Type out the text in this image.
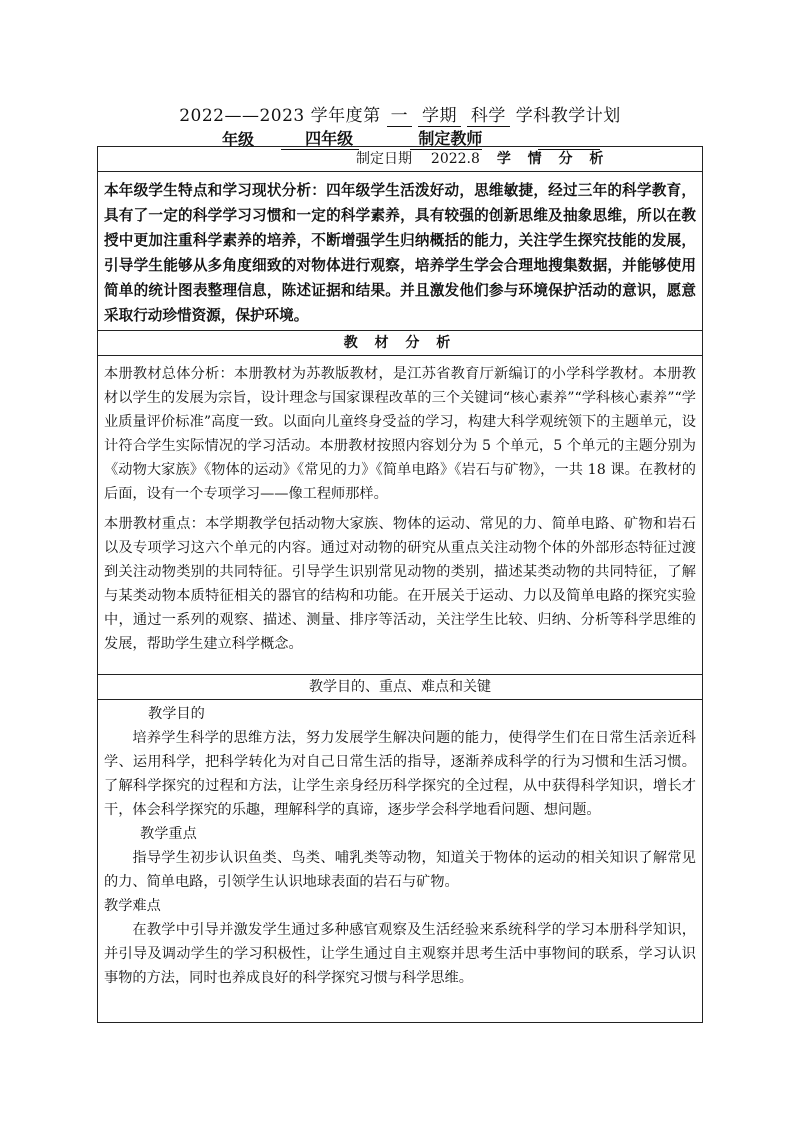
2022——2023 学年度第 一 学期 科学 学科教学计划
年级	四年级	制定教师
制定日期 2022.8 学 情 分 析

本年级学生特点和学习现状分析：四年级学生活泼好动，思维敏捷，经过三年的科学教育，具有了一定的科学学习习惯和一定的科学素养，具有较强的创新思维及抽象思维，所以在教授中更加注重科学素养的培养，不断增强学生归纳概括的能力，关注学生探究技能的发展，引导学生能够从多角度细致的对物体进行观察，培养学生学会合理地搜集数据，并能够使用简单的统计图表整理信息，陈述证据和结果。并且激发他们参与环境保护活动的意识，愿意采取行动珍惜资源，保护环境。

教 材 分 析

本册教材总体分析：本册教材为苏教版教材，是江苏省教育厅新编订的小学科学教材。本册教材以学生的发展为宗旨，设计理念与国家课程改革的三个关键词“核心素养”“学科核心素养”“学业质量评价标准”高度一致。以面向儿童终身受益的学习，构建大科学观统领下的主题单元，设计符合学生实际情况的学习活动。本册教材按照内容划分为 5 个单元，5 个单元的主题分别为《动物大家族》《物体的运动》《常见的力》《简单电路》《岩石与矿物》，一共 18 课。在教材的后面，设有一个专项学习——像工程师那样。

本册教材重点：本学期教学包括动物大家族、物体的运动、常见的力、简单电路、矿物和岩石以及专项学习这六个单元的内容。通过对动物的研究从重点关注动物个体的外部形态特征过渡到关注动物类别的共同特征。引导学生识别常见动物的类别，描述某类动物的共同特征，了解与某类动物本质特征相关的器官的结构和功能。在开展关于运动、力以及简单电路的探究实验中，通过一系列的观察、描述、测量、排序等活动，关注学生比较、归纳、分析等科学思维的发展，帮助学生建立科学概念。

教学目的、重点、难点和关键

教学目的

培养学生科学的思维方法，努力发展学生解决问题的能力，使得学生们在日常生活亲近科学、运用科学，把科学转化为对自己日常生活的指导，逐渐养成科学的行为习惯和生活习惯。了解科学探究的过程和方法，让学生亲身经历科学探究的全过程，从中获得科学知识，增长才干，体会科学探究的乐趣，理解科学的真谛，逐步学会科学地看问题、想问题。

教学重点

指导学生初步认识鱼类、鸟类、哺乳类等动物，知道关于物体的运动的相关知识了解常见的力、简单电路，引领学生认识地球表面的岩石与矿物。

教学难点

在教学中引导并激发学生通过多种感官观察及生活经验来系统科学的学习本册科学知识，并引导及调动学生的学习积极性，让学生通过自主观察并思考生活中事物间的联系，学习认识事物的方法，同时也养成良好的科学探究习惯与科学思维。
